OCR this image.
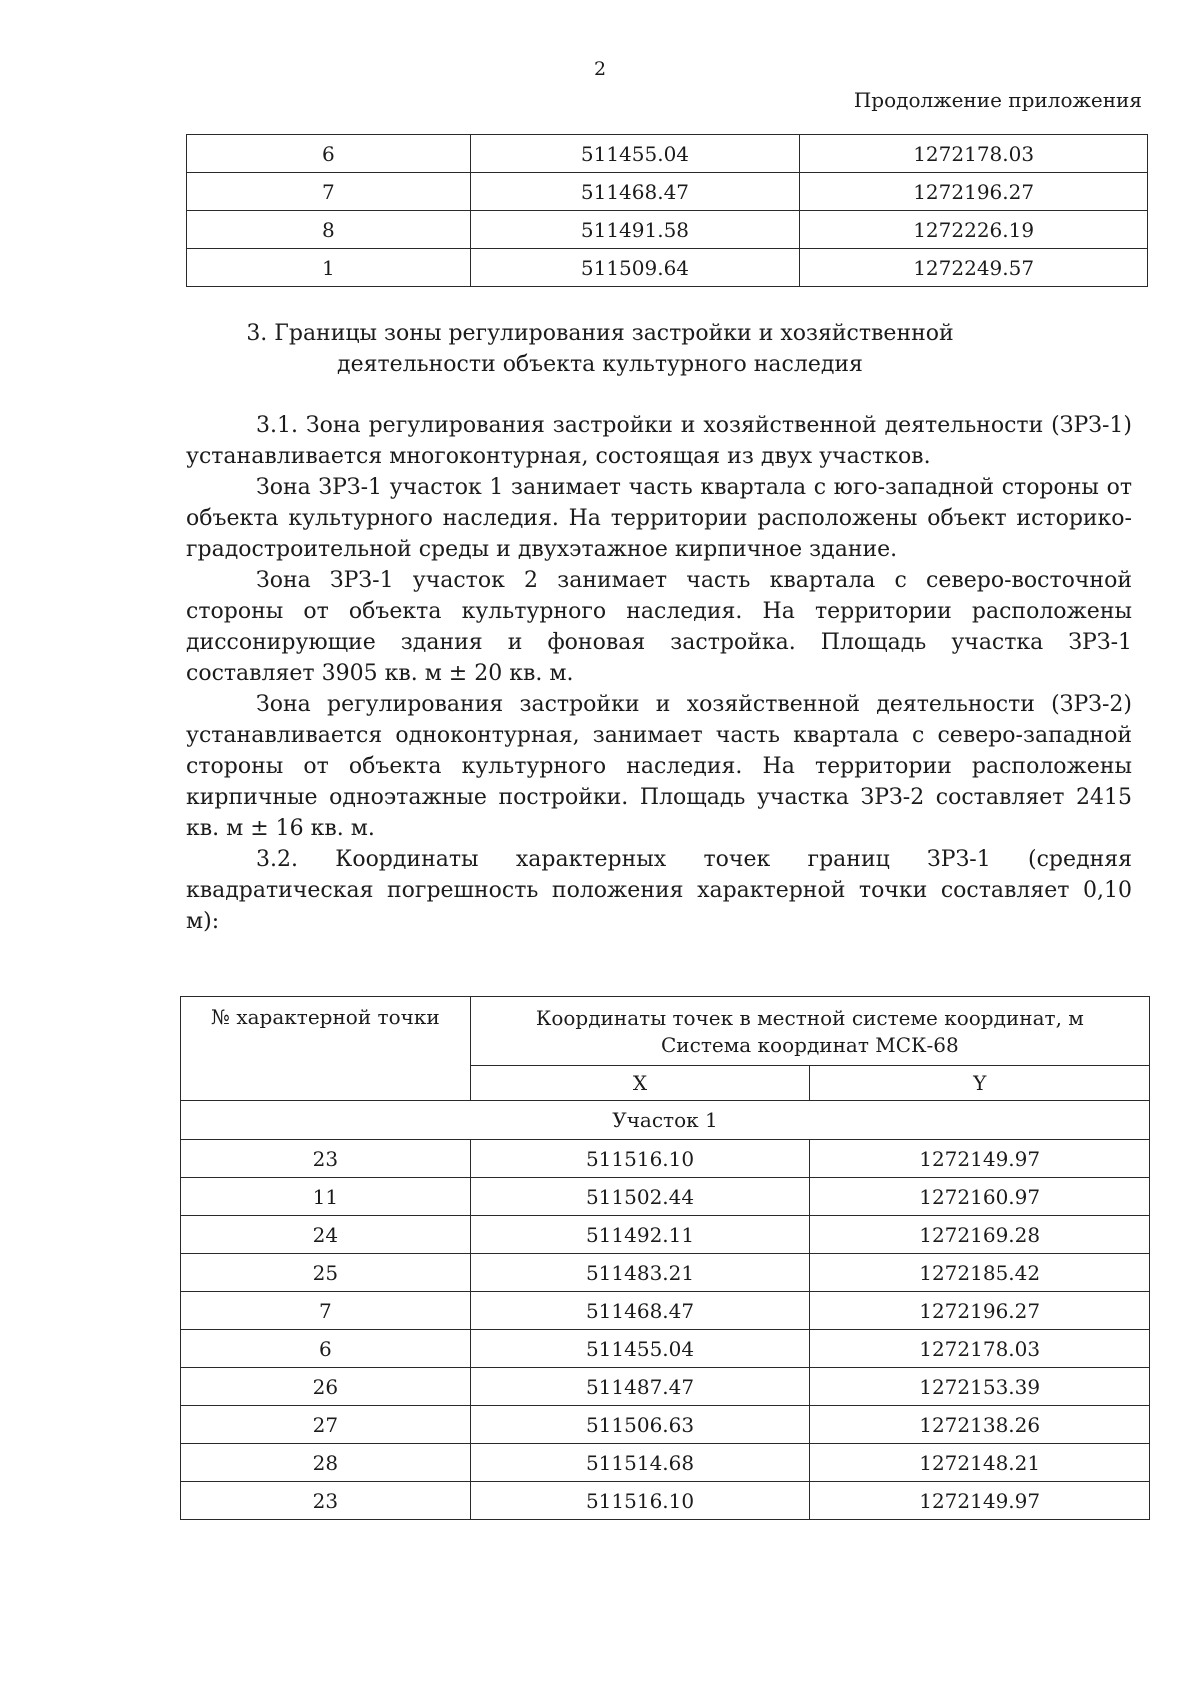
2
Продолжение приложения
6	511455.04	1272178.03
7	511468.47	1272196.27
8	511491.58	1272226.19
1	511509.64	1272249.57
3. Границы зоны регулирования застройки и хозяйственной
деятельности объекта культурного наследия

3.1. Зона регулирования застройки и хозяйственной деятельности (ЗРЗ-1) устанавливается многоконтурная, состоящая из двух участков.

Зона ЗРЗ-1 участок 1 занимает часть квартала с юго-западной стороны от объекта культурного наследия. На территории расположены объект историко-градостроительной среды и двухэтажное кирпичное здание.

Зона ЗРЗ-1 участок 2 занимает часть квартала с северо-восточной стороны от объекта культурного наследия. На территории расположены диссонирующие здания и фоновая застройка. Площадь участка ЗРЗ-1 составляет 3905 кв. м ± 20 кв. м.

Зона регулирования застройки и хозяйственной деятельности (ЗРЗ-2) устанавливается одноконтурная, занимает часть квартала с северо-западной стороны от объекта культурного наследия. На территории расположены кирпичные одноэтажные постройки. Площадь участка ЗРЗ-2 составляет 2415 кв. м ± 16 кв. м.

3.2. Координаты характерных точек границ ЗРЗ-1 (средняя квадратическая погрешность положения характерной точки составляет 0,10 м):

№ характерной точки	Координаты точек в местной системе координат, м
Система координат МСК-68	

	X	Y
Участок 1		
23	511516.10	1272149.97
11	511502.44	1272160.97
24	511492.11	1272169.28
25	511483.21	1272185.42
7	511468.47	1272196.27
6	511455.04	1272178.03
26	511487.47	1272153.39
27	511506.63	1272138.26
28	511514.68	1272148.21
23	511516.10	1272149.97
